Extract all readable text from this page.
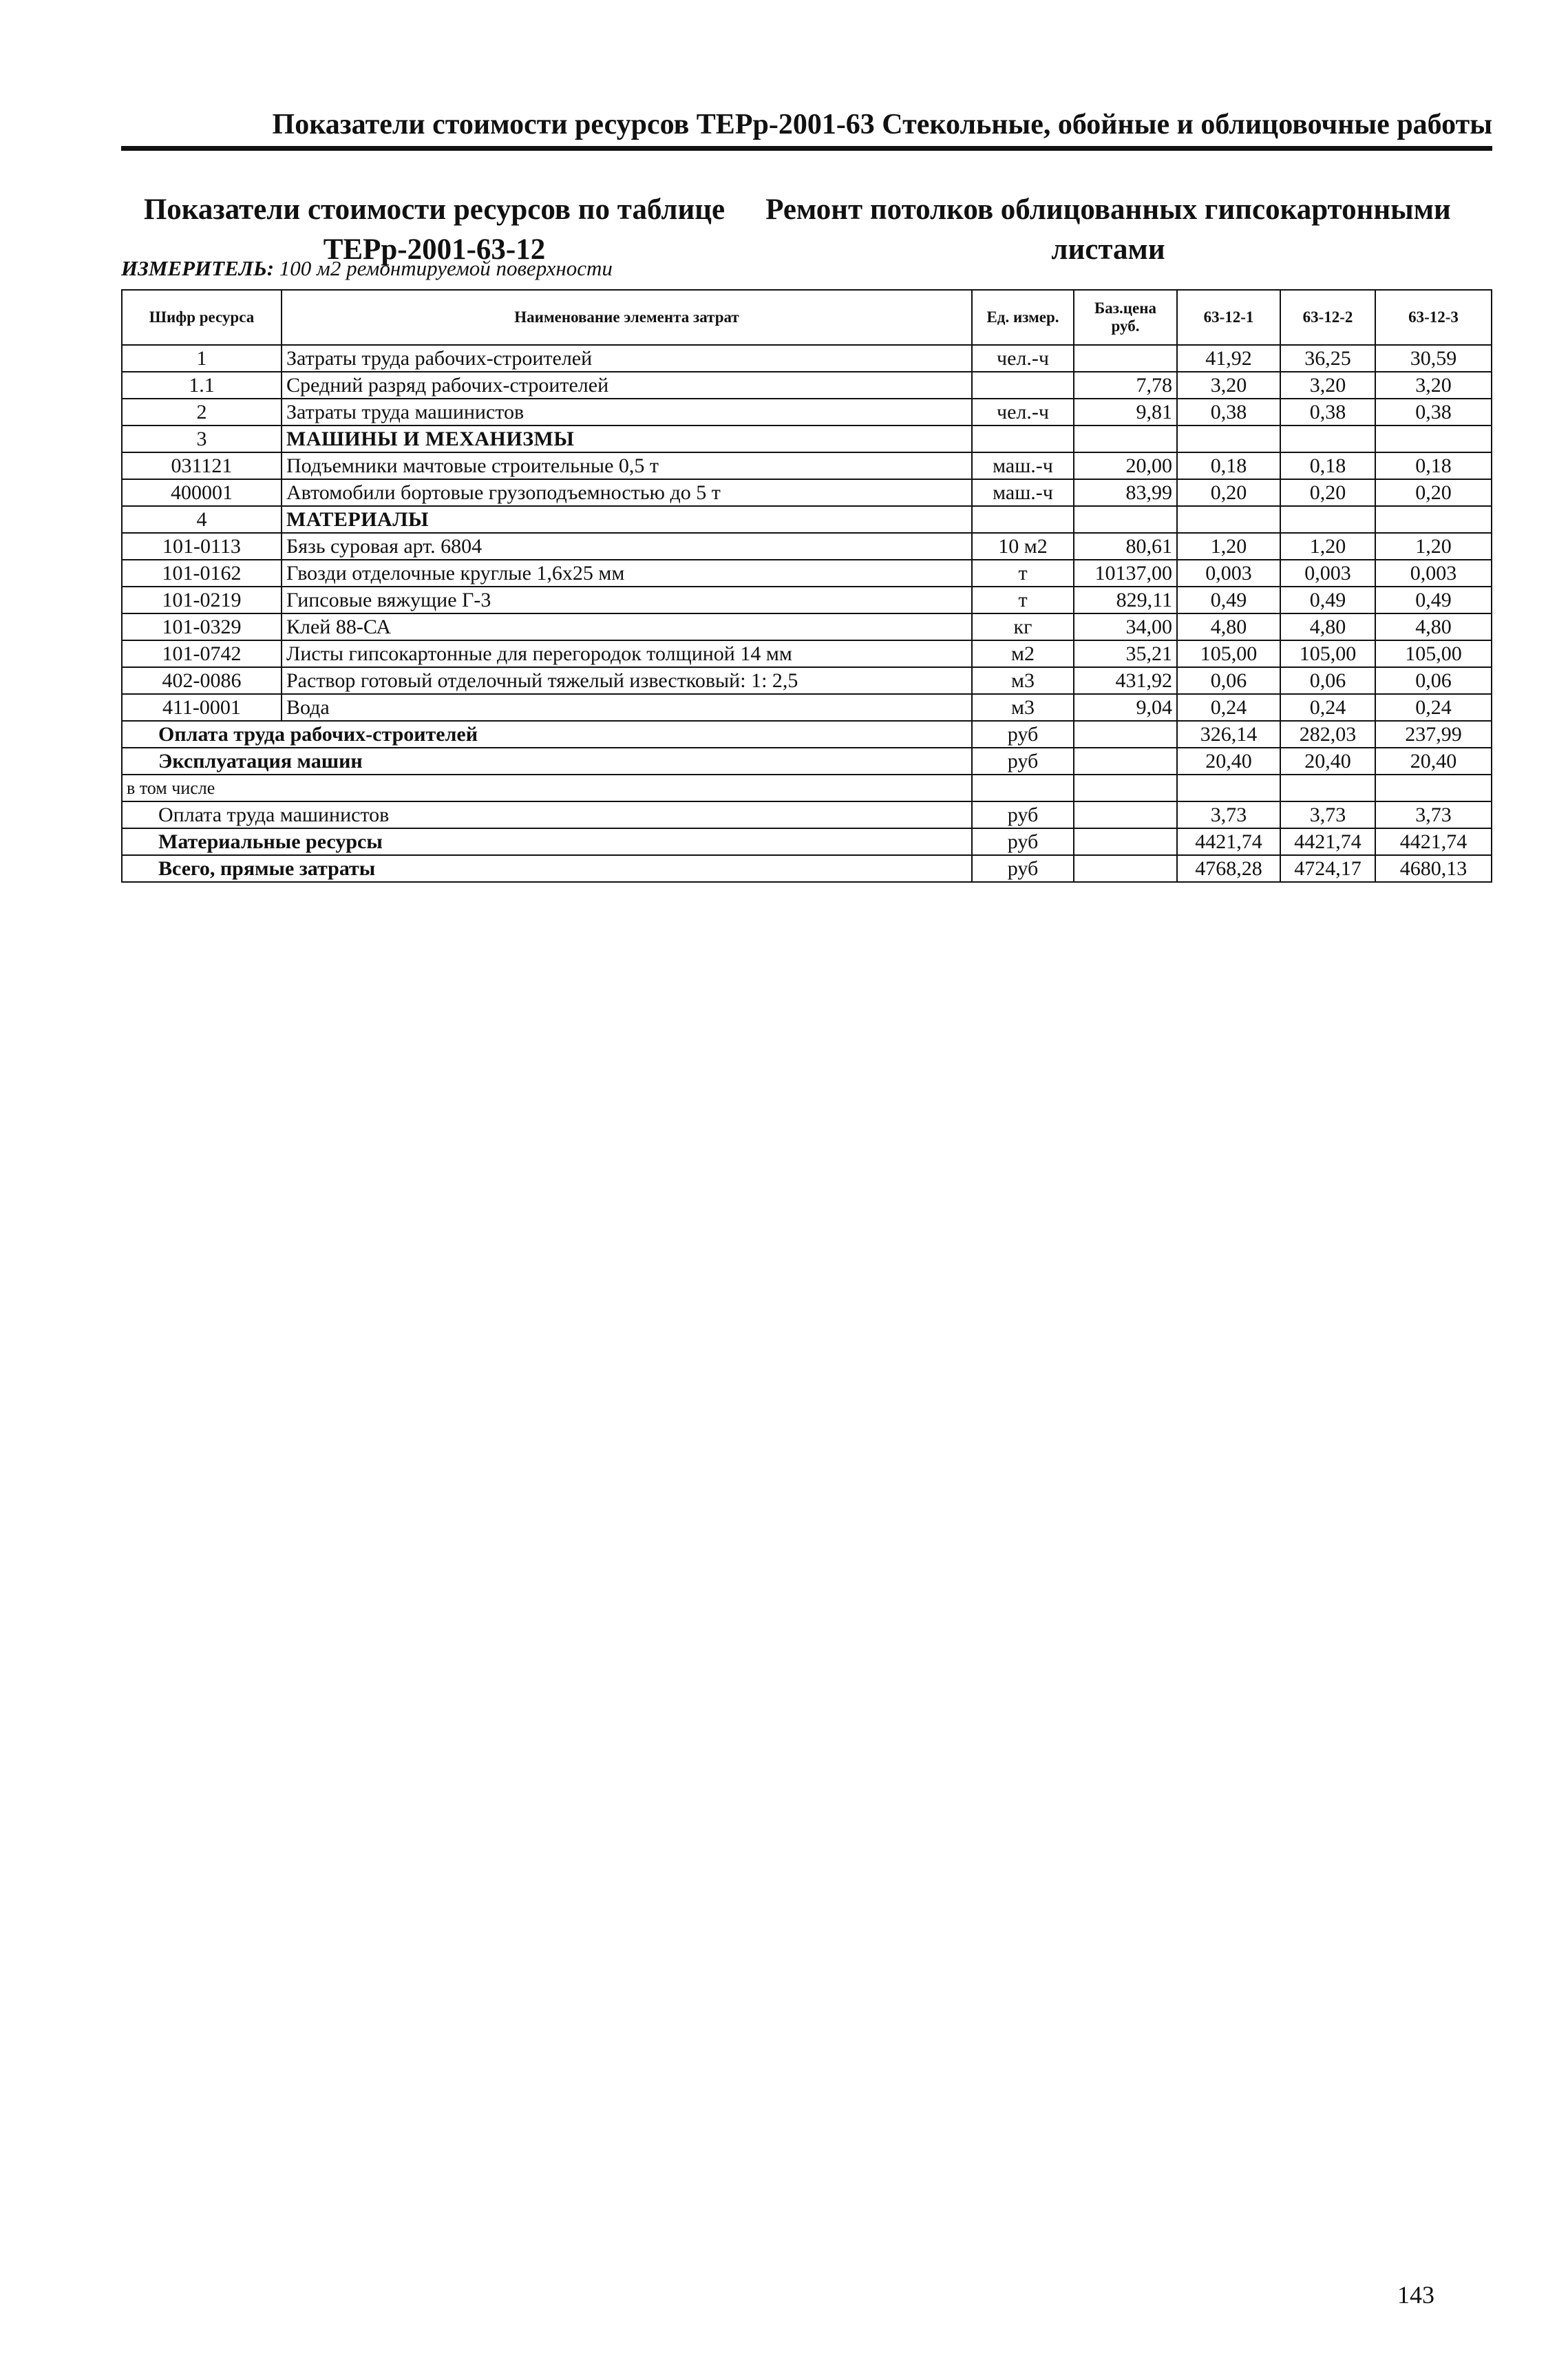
Показатели стоимости ресурсов ТЕРр-2001-63 Стекольные, обойные и облицовочные работы
Показатели стоимости ресурсов по таблице
ТЕРр-2001-63-12
Ремонт потолков облицованных гипсокартонными
листами
ИЗМЕРИТЕЛЬ: 100 м2 ремонтируемой поверхности
Шифр ресурса	Наименование элемента затрат	Ед. измер.	Баз.цена руб.	63-12-1	63-12-2	63-12-3
1	Затраты труда рабочих-строителей	чел.-ч		41,92	36,25	30,59
1.1	Средний разряд рабочих-строителей		7,78	3,20	3,20	3,20
2	Затраты труда машинистов	чел.-ч	9,81	0,38	0,38	0,38
3	МАШИНЫ И МЕХАНИЗМЫ					
031121	Подъемники мачтовые строительные 0,5 т	маш.-ч	20,00	0,18	0,18	0,18
400001	Автомобили бортовые грузоподъемностью до 5 т	маш.-ч	83,99	0,20	0,20	0,20
4	МАТЕРИАЛЫ					
101-0113	Бязь суровая арт. 6804	10 м2	80,61	1,20	1,20	1,20
101-0162	Гвозди отделочные круглые 1,6х25 мм	т	10137,00	0,003	0,003	0,003
101-0219	Гипсовые вяжущие Г-3	т	829,11	0,49	0,49	0,49
101-0329	Клей 88-СА	кг	34,00	4,80	4,80	4,80
101-0742	Листы гипсокартонные для перегородок толщиной 14 мм	м2	35,21	105,00	105,00	105,00
402-0086	Раствор готовый отделочный тяжелый известковый: 1: 2,5	м3	431,92	0,06	0,06	0,06
411-0001	Вода	м3	9,04	0,24	0,24	0,24
Оплата труда рабочих-строителей		руб		326,14	282,03	237,99
Эксплуатация машин		руб		20,40	20,40	20,40
в том числе						
Оплата труда машинистов		руб		3,73	3,73	3,73
Материальные ресурсы		руб		4421,74	4421,74	4421,74
Всего, прямые затраты		руб		4768,28	4724,17	4680,13
143
